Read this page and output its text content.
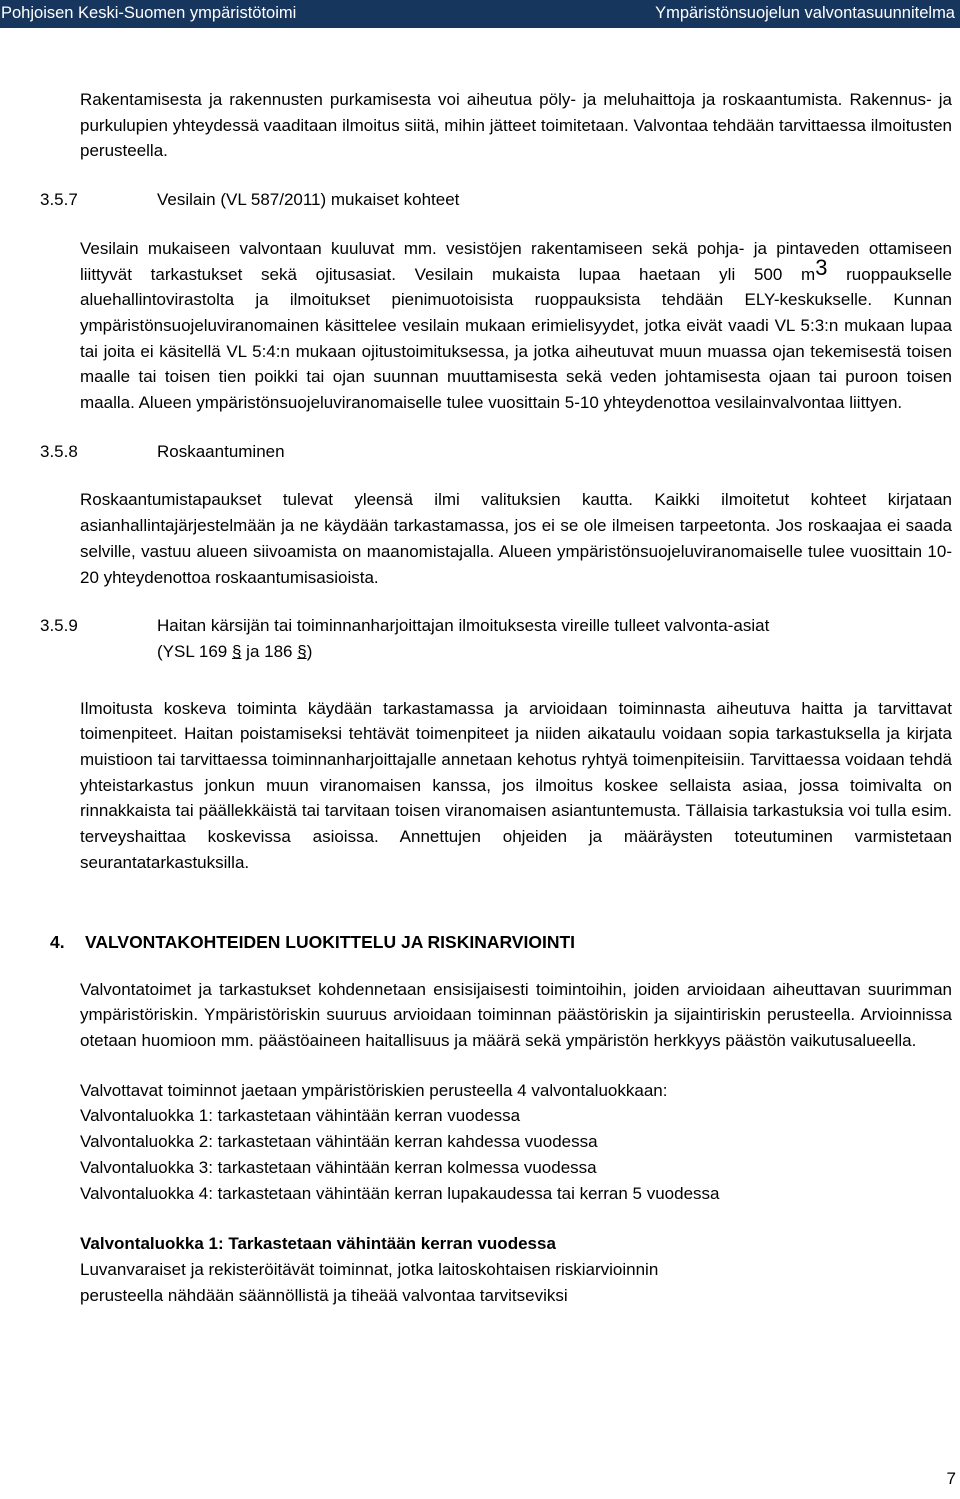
Pohjoisen Keski-Suomen ympäristötoimi	Ympäristönsuojelun valvontasuunnitelma

Rakentamisesta ja rakennusten purkamisesta voi aiheutua pöly- ja meluhaittoja ja roskaantumista. Rakennus- ja purkulupien yhteydessä vaaditaan ilmoitus siitä, mihin jätteet toimitetaan. Valvontaa tehdään tarvittaessa ilmoitusten perusteella.

3.5.7	Vesilain (VL 587/2011) mukaiset kohteet

Vesilain mukaiseen valvontaan kuuluvat mm. vesistöjen rakentamiseen sekä pohja- ja pintaveden ottamiseen liittyvät tarkastukset sekä ojitusasiat. Vesilain mukaista lupaa haetaan yli 500 m3 ruoppaukselle aluehallintovirastolta ja ilmoitukset pienimuotoisista ruoppauksista tehdään ELY-keskukselle. Kunnan ympäristönsuojeluviranomainen käsittelee vesilain mukaan erimielisyydet, jotka eivät vaadi VL 5:3:n mukaan lupaa tai joita ei käsitellä VL 5:4:n mukaan ojitustoimituksessa, ja jotka aiheutuvat muun muassa ojan tekemisestä toisen maalle tai toisen tien poikki tai ojan suunnan muuttamisesta sekä veden johtamisesta ojaan tai puroon toisen maalla. Alueen ympäristönsuojeluviranomaiselle tulee vuosittain 5-10 yhteydenottoa vesilainvalvontaa liittyen.

3.5.8	Roskaantuminen

Roskaantumistapaukset tulevat yleensä ilmi valituksien kautta. Kaikki ilmoitetut kohteet kirjataan asianhallintajärjestelmään ja ne käydään tarkastamassa, jos ei se ole ilmeisen tarpeetonta. Jos roskaajaa ei saada selville, vastuu alueen siivoamista on maanomistajalla. Alueen ympäristönsuojeluviranomaiselle tulee vuosittain 10-20 yhteydenottoa roskaantumisasioista.

3.5.9	Haitan kärsijän tai toiminnanharjoittajan ilmoituksesta vireille tulleet valvonta-asiat
(YSL 169 § ja 186 §)

Ilmoitusta koskeva toiminta käydään tarkastamassa ja arvioidaan toiminnasta aiheutuva haitta ja tarvittavat toimenpiteet. Haitan poistamiseksi tehtävät toimenpiteet ja niiden aikataulu voidaan sopia tarkastuksella ja kirjata muistioon tai tarvittaessa toiminnanharjoittajalle annetaan kehotus ryhtyä toimenpiteisiin. Tarvittaessa voidaan tehdä yhteistarkastus jonkun muun viranomaisen kanssa, jos ilmoitus koskee sellaista asiaa, jossa toimivalta on rinnakkaista tai päällekkäistä tai tarvitaan toisen viranomaisen asiantuntemusta. Tällaisia tarkastuksia voi tulla esim. terveyshaittaa koskevissa asioissa. Annettujen ohjeiden ja määräysten toteutuminen varmistetaan seurantatarkastuksilla.

4.	VALVONTAKOHTEIDEN LUOKITTELU JA RISKINARVIOINTI

Valvontatoimet ja tarkastukset kohdennetaan ensisijaisesti toimintoihin, joiden arvioidaan aiheuttavan suurimman ympäristöriskin. Ympäristöriskin suuruus arvioidaan toiminnan päästöriskin ja sijaintiriskin perusteella. Arvioinnissa otetaan huomioon mm. päästöaineen haitallisuus ja määrä sekä ympäristön herkkyys päästön vaikutusalueella.

Valvottavat toiminnot jaetaan ympäristöriskien perusteella 4 valvontaluokkaan:

Valvontaluokka 1: tarkastetaan vähintään kerran vuodessa

Valvontaluokka 2: tarkastetaan vähintään kerran kahdessa vuodessa

Valvontaluokka 3: tarkastetaan vähintään kerran kolmessa vuodessa

Valvontaluokka 4: tarkastetaan vähintään kerran lupakaudessa tai kerran 5 vuodessa

Valvontaluokka 1: Tarkastetaan vähintään kerran vuodessa

Luvanvaraiset ja rekisteröitävät toiminnat, jotka laitoskohtaisen riskiarvioinnin

perusteella nähdään säännöllistä ja tiheää valvontaa tarvitseviksi

7
